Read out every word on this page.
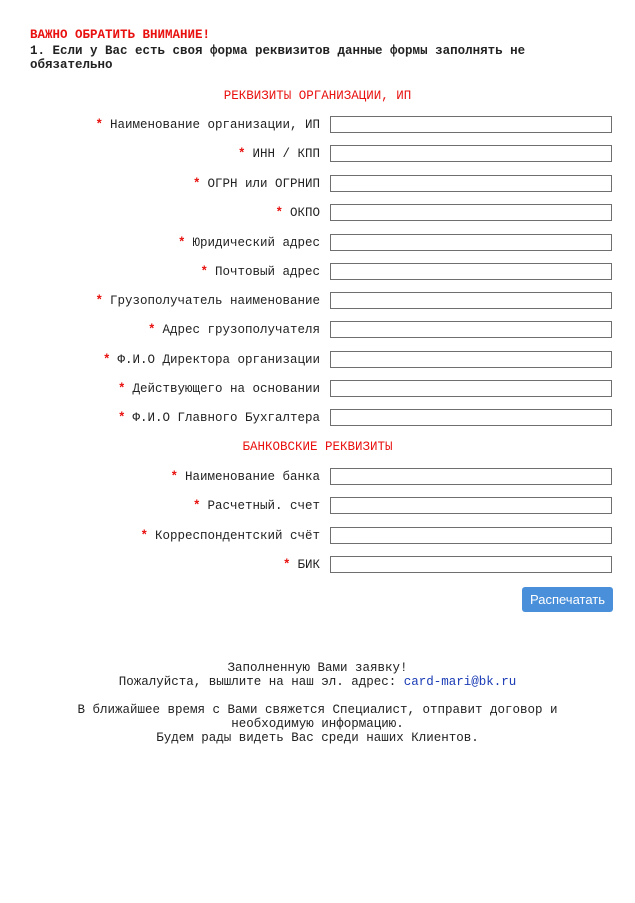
ВАЖНО ОБРАТИТЬ ВНИМАНИЕ!
1. Если у Вас есть своя форма реквизитов данные формы заполнять не обязательно
РЕКВИЗИТЫ ОРГАНИЗАЦИИ, ИП
* Наименование организации, ИП
* ИНН / КПП
* ОГРН или ОГРНИП
* ОКПО
* Юридический адрес
* Почтовый адрес
* Грузополучатель наименование
* Адрес грузополучателя
* Ф.И.О Директора организации
* Действующего на основании
* Ф.И.О Главного Бухгалтера
БАНКОВСКИЕ РЕКВИЗИТЫ
* Наименование банка
* Расчетный. счет
* Корреспондентский счёт
* БИК
Распечатать
Заполненную Вами заявку!
Пожалуйста, вышлите на наш эл. адрес: card-mari@bk.ru
В ближайшее время с Вами свяжется Специалист, отправит договор и
необходимую информацию.
Будем рады видеть Вас среди наших Клиентов.
